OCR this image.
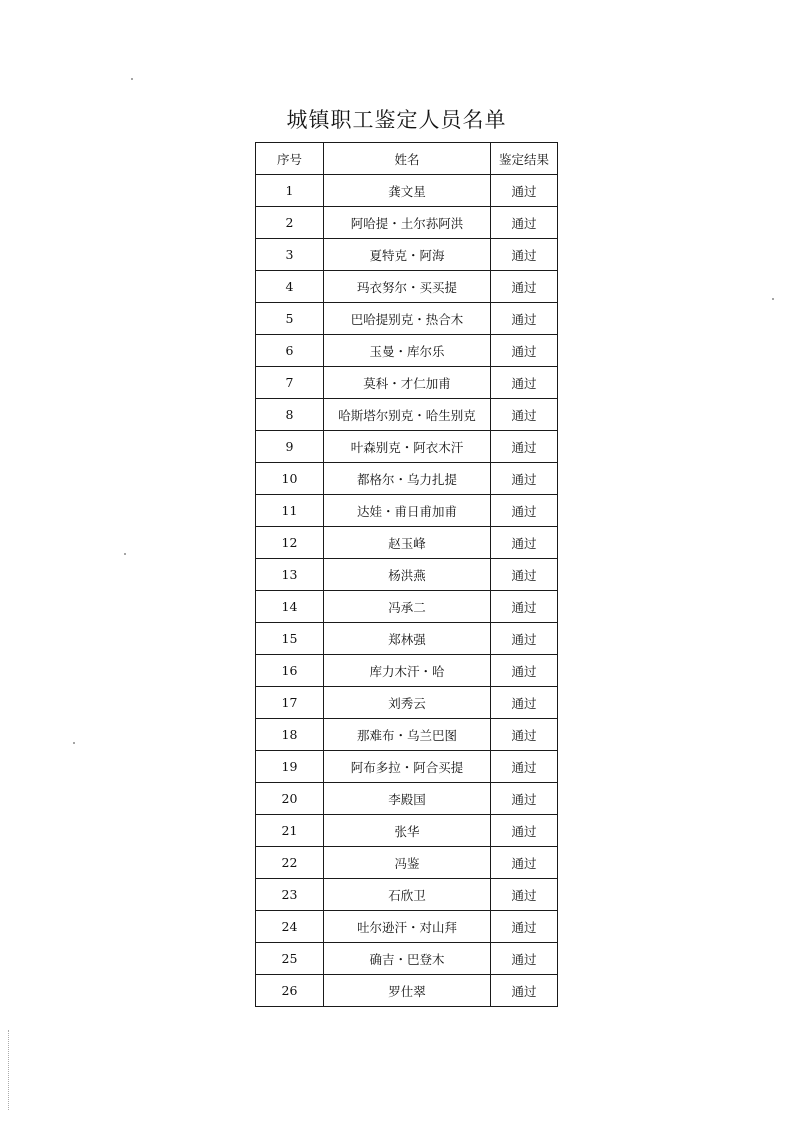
城镇职工鉴定人员名单
序号	姓名	鉴定结果
1	龚文星	通过
2	阿哈提・土尔荪阿洪	通过
3	夏特克・阿海	通过
4	玛衣努尔・买买提	通过
5	巴哈提别克・热合木	通过
6	玉曼・库尔乐	通过
7	莫科・才仁加甫	通过
8	哈斯塔尔别克・哈生别克	通过
9	叶森别克・阿衣木汗	通过
10	都格尔・乌力扎提	通过
11	达娃・甫日甫加甫	通过
12	赵玉峰	通过
13	杨洪燕	通过
14	冯承二	通过
15	郑林强	通过
16	库力木汗・哈	通过
17	刘秀云	通过
18	那难布・乌兰巴图	通过
19	阿布多拉・阿合买提	通过
20	李殿国	通过
21	张华	通过
22	冯鉴	通过
23	石欣卫	通过
24	吐尔逊汗・对山拜	通过
25	确吉・巴登木	通过
26	罗仕翠	通过
